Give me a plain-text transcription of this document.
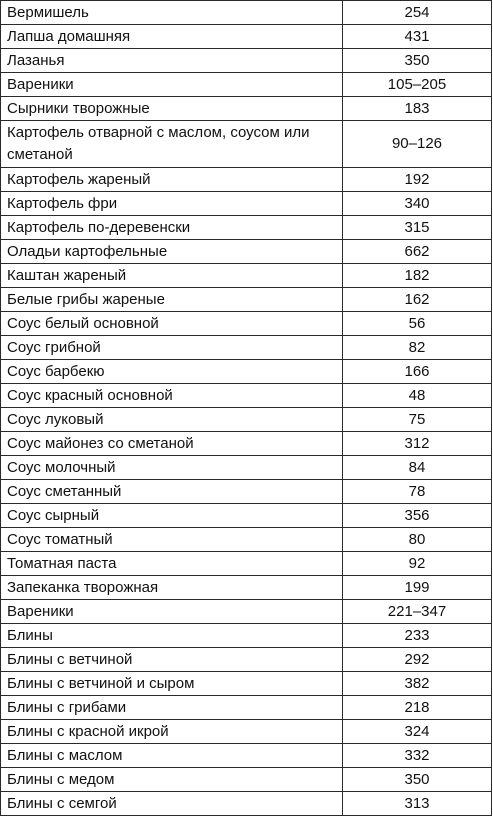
Вермишель	254
Лапша домашняя	431
Лазанья	350
Вареники	105–205
Сырники творожные	183
Картофель отварной с маслом, соусом или сметаной	90–126
Картофель жареный	192
Картофель фри	340
Картофель по-деревенски	315
Оладьи картофельные	662
Каштан жареный	182
Белые грибы жареные	162
Соус белый основной	56
Соус грибной	82
Соус барбекю	166
Соус красный основной	48
Соус луковый	75
Соус майонез со сметаной	312
Соус молочный	84
Соус сметанный	78
Соус сырный	356
Соус томатный	80
Томатная паста	92
Запеканка творожная	199
Вареники	221–347
Блины	233
Блины с ветчиной	292
Блины с ветчиной и сыром	382
Блины с грибами	218
Блины с красной икрой	324
Блины с маслом	332
Блины с медом	350
Блины с семгой	313
